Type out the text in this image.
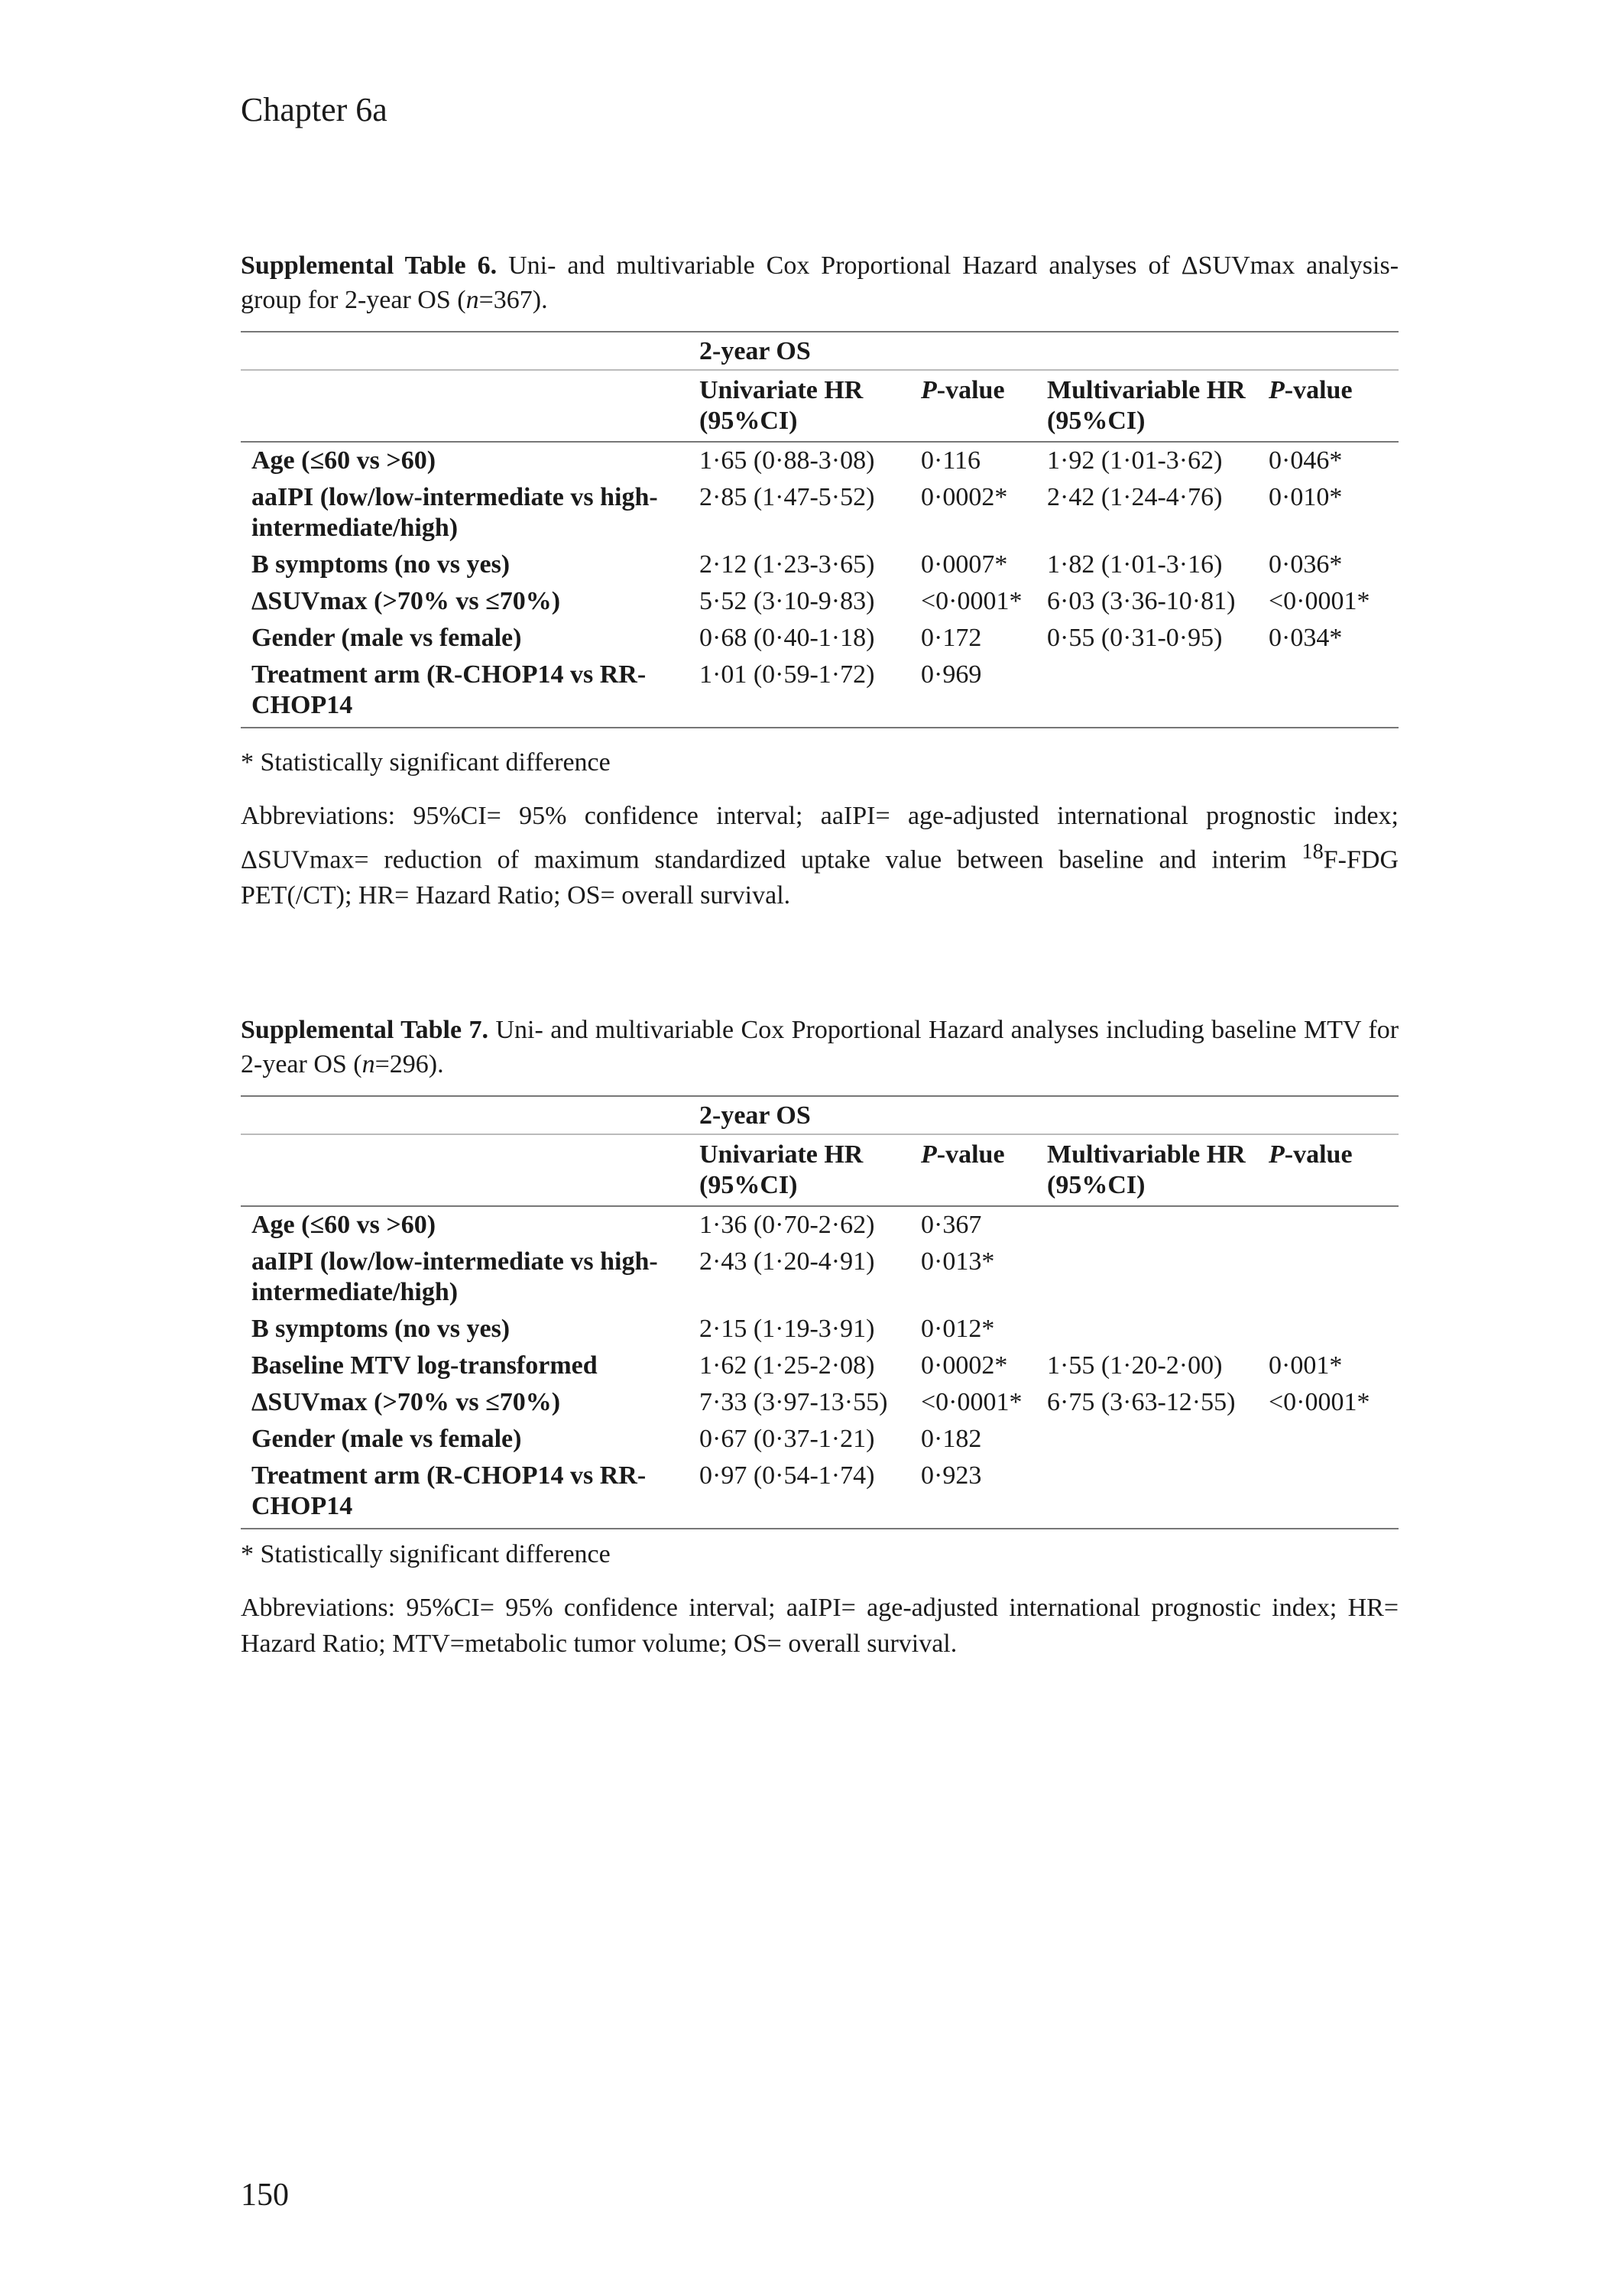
Chapter 6a

Supplemental Table 6. Uni- and multivariable Cox Proportional Hazard analyses of ΔSUVmax analysis-group for 2-year OS (n=367).

	2-year OS			
	Univariate HR (95%CI)	P-value	Multivariable HR (95%CI)	P-value
Age (≤60 vs >60)	1·65 (0·88-3·08)	0·116	1·92 (1·01-3·62)	0·046*
aaIPI (low/low-intermediate vs high-intermediate/high)	2·85 (1·47-5·52)	0·0002*	2·42 (1·24-4·76)	0·010*
B symptoms (no vs yes)	2·12 (1·23-3·65)	0·0007*	1·82 (1·01-3·16)	0·036*
ΔSUVmax (>70% vs ≤70%)	5·52 (3·10-9·83)	<0·0001*	6·03 (3·36-10·81)	<0·0001*
Gender (male vs female)	0·68 (0·40-1·18)	0·172	0·55 (0·31-0·95)	0·034*
Treatment arm (R-CHOP14 vs RR-CHOP14	1·01 (0·59-1·72)	0·969		

* Statistically significant difference

Abbreviations: 95%CI= 95% confidence interval; aaIPI= age-adjusted international prognostic index; ΔSUVmax= reduction of maximum standardized uptake value between baseline and interim $^{18}$F-FDG PET(/CT); HR= Hazard Ratio; OS= overall survival.

Supplemental Table 7. Uni- and multivariable Cox Proportional Hazard analyses including baseline MTV for 2-year OS (n=296).

	2-year OS			
	Univariate HR (95%CI)	P-value	Multivariable HR (95%CI)	P-value
Age (≤60 vs >60)	1·36 (0·70-2·62)	0·367		
aaIPI (low/low-intermediate vs high-intermediate/high)	2·43 (1·20-4·91)	0·013*		
B symptoms (no vs yes)	2·15 (1·19-3·91)	0·012*		
Baseline MTV log-transformed	1·62 (1·25-2·08)	0·0002*	1·55 (1·20-2·00)	0·001*
ΔSUVmax (>70% vs ≤70%)	7·33 (3·97-13·55)	<0·0001*	6·75 (3·63-12·55)	<0·0001*
Gender (male vs female)	0·67 (0·37-1·21)	0·182		
Treatment arm (R-CHOP14 vs RR-CHOP14	0·97 (0·54-1·74)	0·923		

* Statistically significant difference

Abbreviations: 95%CI= 95% confidence interval; aaIPI= age-adjusted international prognostic index; HR= Hazard Ratio; MTV=metabolic tumor volume; OS= overall survival.

150
